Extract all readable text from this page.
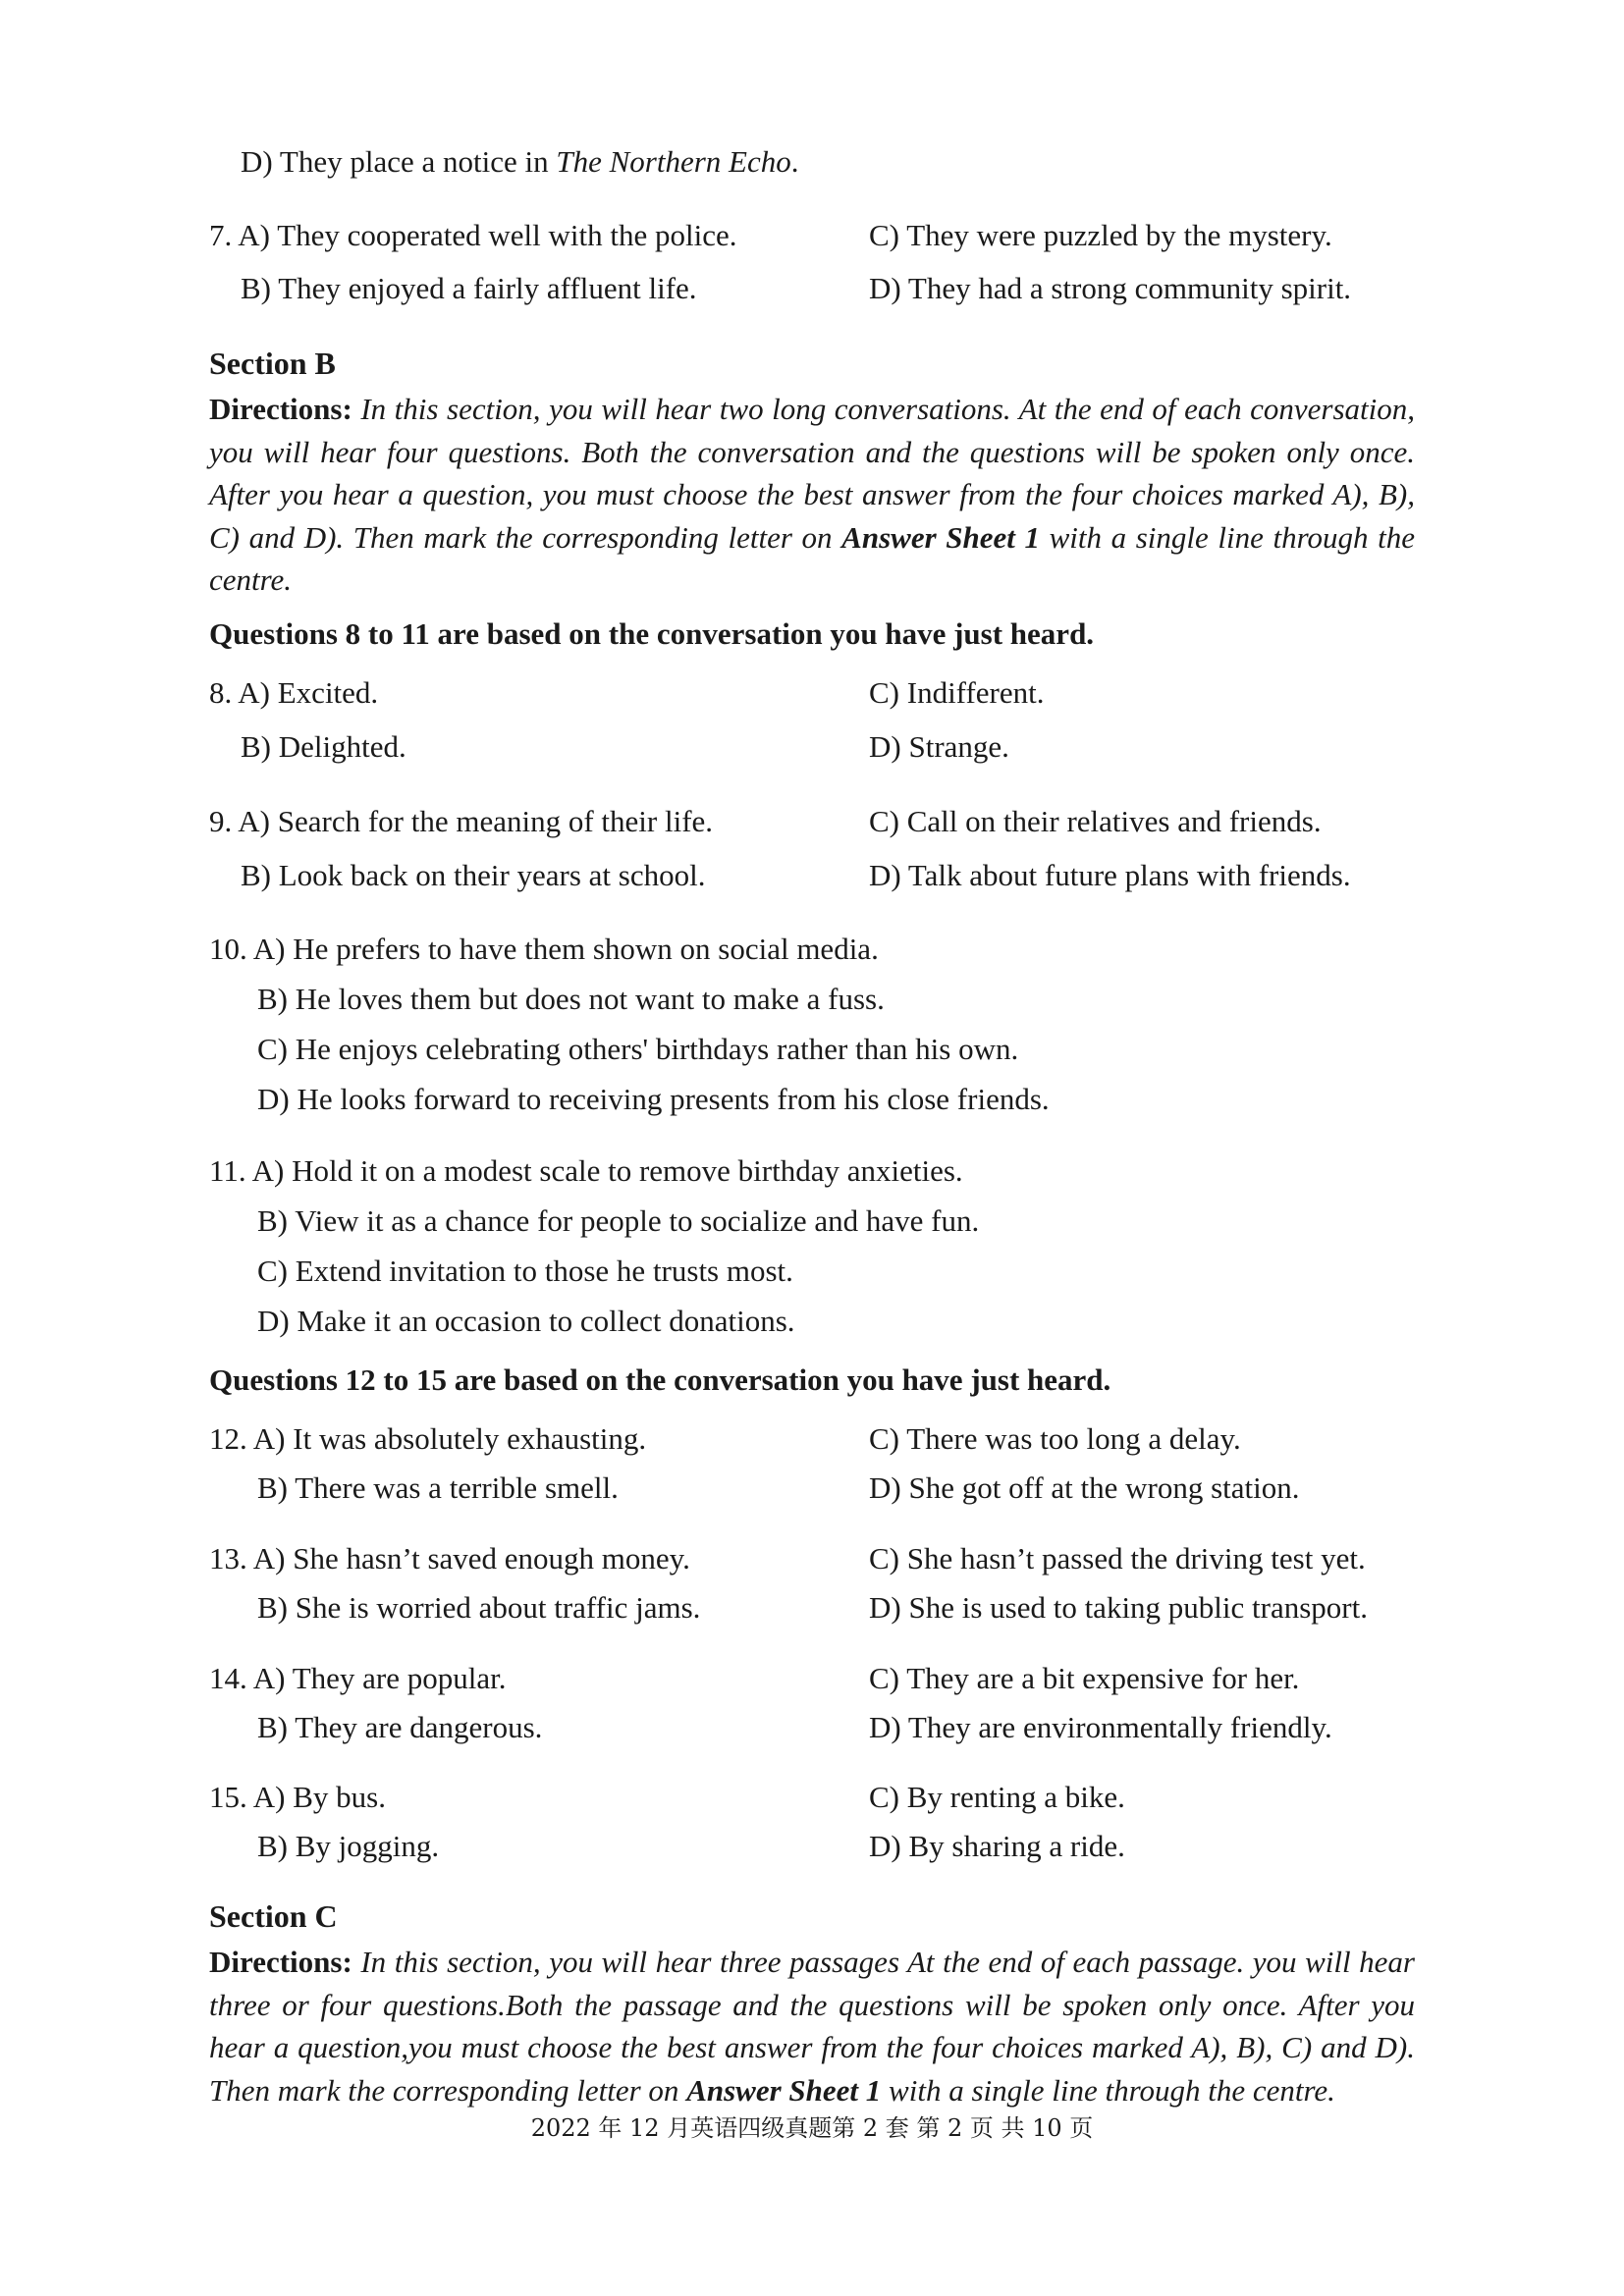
D) They place a notice in The Northern Echo.
7. A) They cooperated well with the police.	C) They were puzzled by the mystery.
B) They enjoyed a fairly affluent life.	D) They had a strong community spirit.
Section B
Directions: In this section, you will hear two long conversations. At the end of each conversation, you will hear four questions. Both the conversation and the questions will be spoken only once. After you hear a question, you must choose the best answer from the four choices marked A), B), C) and D). Then mark the corresponding letter on Answer Sheet 1 with a single line through the centre.
Questions 8 to 11 are based on the conversation you have just heard.
8. A) Excited.	C) Indifferent.
B) Delighted.	D) Strange.
9. A) Search for the meaning of their life.	C) Call on their relatives and friends.
B) Look back on their years at school.	D) Talk about future plans with friends.
10. A) He prefers to have them shown on social media.
B) He loves them but does not want to make a fuss.
C) He enjoys celebrating others' birthdays rather than his own.
D) He looks forward to receiving presents from his close friends.
11. A) Hold it on a modest scale to remove birthday anxieties.
B) View it as a chance for people to socialize and have fun.
C) Extend invitation to those he trusts most.
D) Make it an occasion to collect donations.
Questions 12 to 15 are based on the conversation you have just heard.
12. A) It was absolutely exhausting.	C) There was too long a delay.
B) There was a terrible smell.	D) She got off at the wrong station.
13. A) She hasn’t saved enough money.	C) She hasn’t passed the driving test yet.
B) She is worried about traffic jams.	D) She is used to taking public transport.
14. A) They are popular.	C) They are a bit expensive for her.
B) They are dangerous.	D) They are environmentally friendly.
15. A) By bus.	C) By renting a bike.
B) By jogging.	D) By sharing a ride.
Section C
Directions: In this section, you will hear three passages At the end of each passage. you will hear three or four questions.Both the passage and the questions will be spoken only once. After you hear a question,you must choose the best answer from the four choices marked A), B), C) and D). Then mark the corresponding letter on Answer Sheet 1 with a single line through the centre.
2022 年 12 月英语四级真题第 2 套 第 2 页 共 10 页
